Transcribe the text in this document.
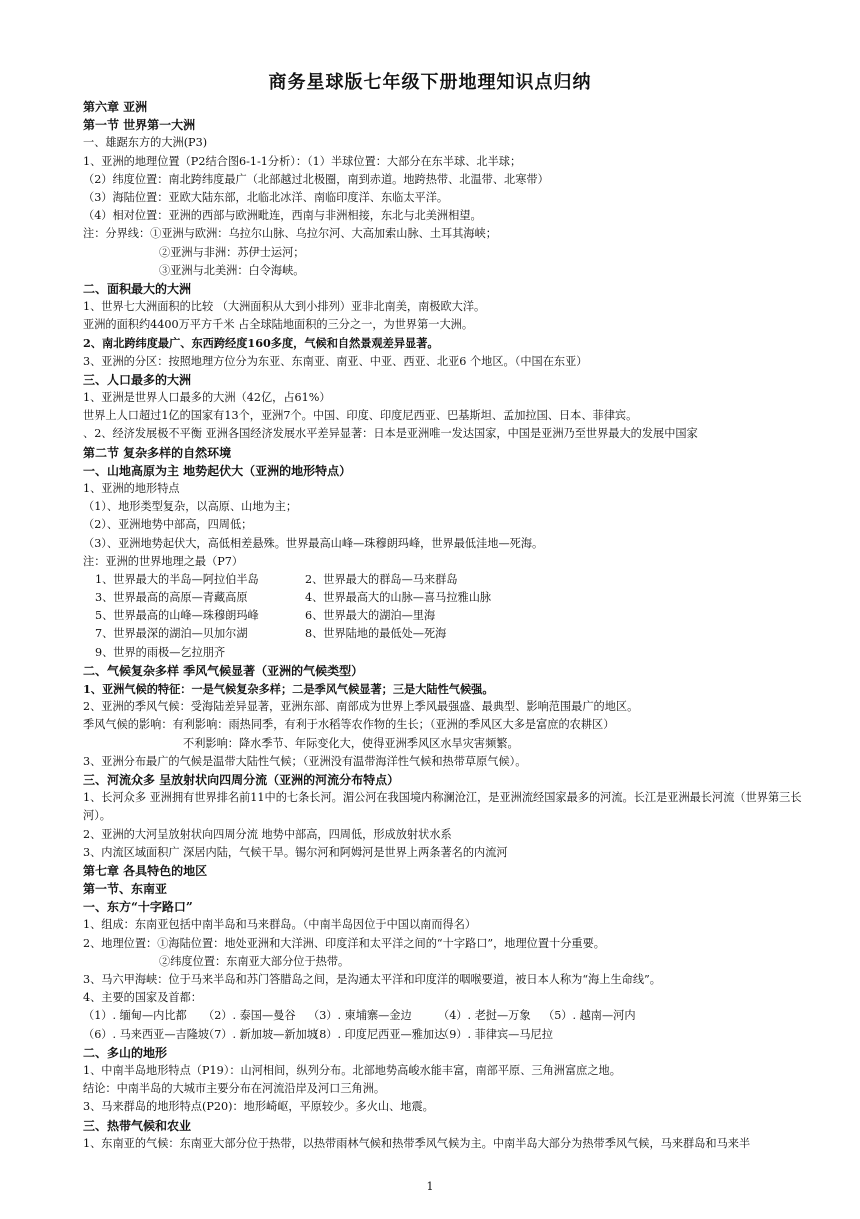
商务星球版七年级下册地理知识点归纳
第六章 亚洲
第一节 世界第一大洲
一、雄踞东方的大洲(P3)
1、亚洲的地理位置（P2结合图6-1-1分析）：（1）半球位置：大部分在东半球、北半球；
（2）纬度位置：南北跨纬度最广（北部越过北极圈，南到赤道。地跨热带、北温带、北寒带）
（3）海陆位置：亚欧大陆东部，北临北冰洋、南临印度洋、东临太平洋。
（4）相对位置：亚洲的西部与欧洲毗连，西南与非洲相接，东北与北美洲相望。
注：分界线：①亚洲与欧洲：乌拉尔山脉、乌拉尔河、大高加索山脉、土耳其海峡；
②亚洲与非洲：苏伊士运河；
③亚洲与北美洲：白令海峡。
二、面积最大的大洲
1、世界七大洲面积的比较 （大洲面积从大到小排列）亚非北南美，南极欧大洋。
亚洲的面积约4400万平方千米 占全球陆地面积的三分之一，为世界第一大洲。
2、南北跨纬度最广、东西跨经度160多度，气候和自然景观差异显著。
3、亚洲的分区：按照地理方位分为东亚、东南亚、南亚、中亚、西亚、北亚6 个地区。（中国在东亚）
三、人口最多的大洲
1、亚洲是世界人口最多的大洲（42亿，占61%）
世界上人口超过1亿的国家有13个，亚洲7个。中国、印度、印度尼西亚、巴基斯坦、孟加拉国、日本、菲律宾。
、2、经济发展极不平衡 亚洲各国经济发展水平差异显著：日本是亚洲唯一发达国家，中国是亚洲乃至世界最大的发展中国家
第二节 复杂多样的自然环境
一、山地高原为主 地势起伏大（亚洲的地形特点）
1、亚洲的地形特点
（1）、地形类型复杂，以高原、山地为主；
（2）、亚洲地势中部高，四周低；
（3）、亚洲地势起伏大，高低相差悬殊。世界最高山峰—珠穆朗玛峰，世界最低洼地—死海。
注：亚洲的世界地理之最（P7）
1、世界最大的半岛—阿拉伯半岛	2、世界最大的群岛—马来群岛
3、世界最高的高原—青藏高原	4、世界最高大的山脉—喜马拉雅山脉
5、世界最高的山峰—珠穆朗玛峰	6、世界最大的湖泊—里海
7、世界最深的湖泊—贝加尔湖	8、世界陆地的最低处—死海
9、世界的雨极—乞拉朋齐
二、气候复杂多样 季风气候显著（亚洲的气候类型）
1、亚洲气候的特征：一是气候复杂多样；二是季风气候显著；三是大陆性气候强。
2、亚洲的季风气候：受海陆差异显著，亚洲东部、南部成为世界上季风最强盛、最典型、影响范围最广的地区。
季风气候的影响：有利影响：雨热同季，有利于水稻等农作物的生长；（亚洲的季风区大多是富庶的农耕区）
不利影响：降水季节、年际变化大，使得亚洲季风区水旱灾害频繁。
3、亚洲分布最广的气候是温带大陆性气候；（亚洲没有温带海洋性气候和热带草原气候）。
三、河流众多 呈放射状向四周分流（亚洲的河流分布特点）
1、长河众多 亚洲拥有世界排名前11中的七条长河。湄公河在我国境内称澜沧江，是亚洲流经国家最多的河流。长江是亚洲最长河流（世界第三长河）。
2、亚洲的大河呈放射状向四周分流 地势中部高，四周低，形成放射状水系
3、内流区域面积广 深居内陆，气候干旱。锡尔河和阿姆河是世界上两条著名的内流河
第七章 各具特色的地区
第一节、东南亚
一、东方“十字路口”
1、组成：东南亚包括中南半岛和马来群岛。（中南半岛因位于中国以南而得名）
2、地理位置：①海陆位置：地处亚洲和大洋洲、印度洋和太平洋之间的“十字路口”，地理位置十分重要。
②纬度位置：东南亚大部分位于热带。
3、马六甲海峡：位于马来半岛和苏门答腊岛之间，是沟通太平洋和印度洋的咽喉要道，被日本人称为“海上生命线”。
4、主要的国家及首都：
（1）. 缅甸—内比都	（2）. 泰国—曼谷	（3）. 柬埔寨—金边	（4）. 老挝—万象	（5）. 越南—河内
（6）. 马来西亚—吉隆坡
（7）. 新加坡—新加坡
（8）. 印度尼西亚—雅加达
（9）. 菲律宾—马尼拉
二、多山的地形
1、中南半岛地形特点（P19）：山河相间，纵列分布。北部地势高峻水能丰富，南部平原、三角洲富庶之地。
结论：中南半岛的大城市主要分布在河流沿岸及河口三角洲。
3、马来群岛的地形特点(P20)：地形崎岖，平原较少。多火山、地震。
三、热带气候和农业
1、东南亚的气候：东南亚大部分位于热带，以热带雨林气候和热带季风气候为主。中南半岛大部分为热带季风气候，马来群岛和马来半
1
